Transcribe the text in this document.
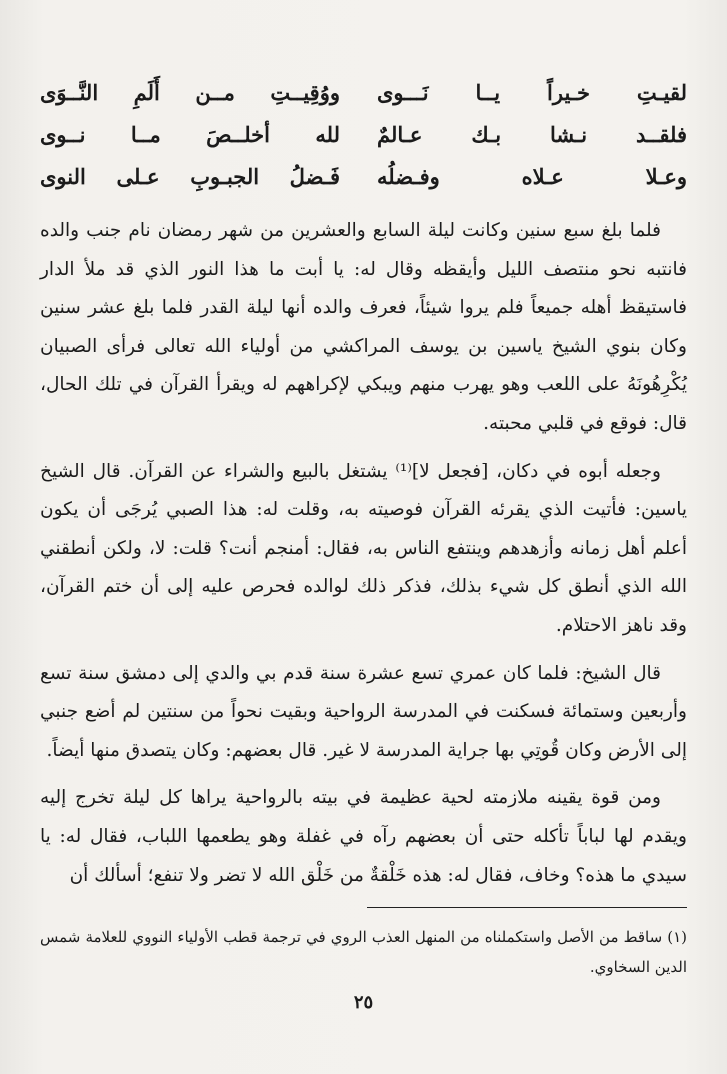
لقيـتِ خـيراً يــا نَـــوى
ووُقِيــتِ مــن أَلَمِ النَّــوَى
فلقــد نـشا بـك عـالمٌ
لله أخلــصَ مــا نــوى
وعـلا عـلاه وفـضلُه
فَـضلُ الجبـوبِ عـلى النوى

فلما بلغ سبع سنين وكانت ليلة السابع والعشرين من شهر رمضان نام جنب والده فانتبه نحو منتصف الليل وأيقظه وقال له: يا أبت ما هذا النور الذي قد ملأ الدار فاستيقظ أهله جميعاً فلم يروا شيئاً، فعرف والده أنها ليلة القدر فلما بلغ عشر سنين وكان بنوي الشيخ ياسين بن يوسف المراكشي من أولياء الله تعالى فرأى الصبيان يُكْرِهُونَهُ على اللعب وهو يهرب منهم ويبكي لإكراههم له ويقرأ القرآن في تلك الحال، قال: فوقع في قلبي محبته.

وجعله أبوه في دكان، [فجعل لا]⁽¹⁾ يشتغل بالبيع والشراء عن القرآن. قال الشيخ ياسين: فأتيت الذي يقرئه القرآن فوصيته به، وقلت له: هذا الصبي يُرجَى أن يكون أعلم أهل زمانه وأزهدهم وينتفع الناس به، فقال: أمنجم أنت؟ قلت: لا، ولكن أنطقني الله الذي أنطق كل شيء بذلك، فذكر ذلك لوالده فحرص عليه إلى أن ختم القرآن، وقد ناهز الاحتلام.

قال الشيخ: فلما كان عمري تسع عشرة سنة قدم بي والدي إلى دمشق سنة تسع وأربعين وستمائة فسكنت في المدرسة الرواحية وبقيت نحواً من سنتين لم أضع جنبي إلى الأرض وكان قُوتِي بها جراية المدرسة لا غير. قال بعضهم: وكان يتصدق منها أيضاً.

ومن قوة يقينه ملازمته لحية عظيمة في بيته بالرواحية يراها كل ليلة تخرج إليه ويقدم لها لباباً تأكله حتى أن بعضهم رآه في غفلة وهو يطعمها اللباب، فقال له: يا سيدي ما هذه؟ وخاف، فقال له: هذه خَلْقةٌ من خَلْق الله لا تضر ولا تنفع؛ أسألك أن

(١) ساقط من الأصل واستكملناه من المنهل العذب الروي في ترجمة قطب الأولياء النووي للعلامة شمس الدين السخاوي.
٢٥
